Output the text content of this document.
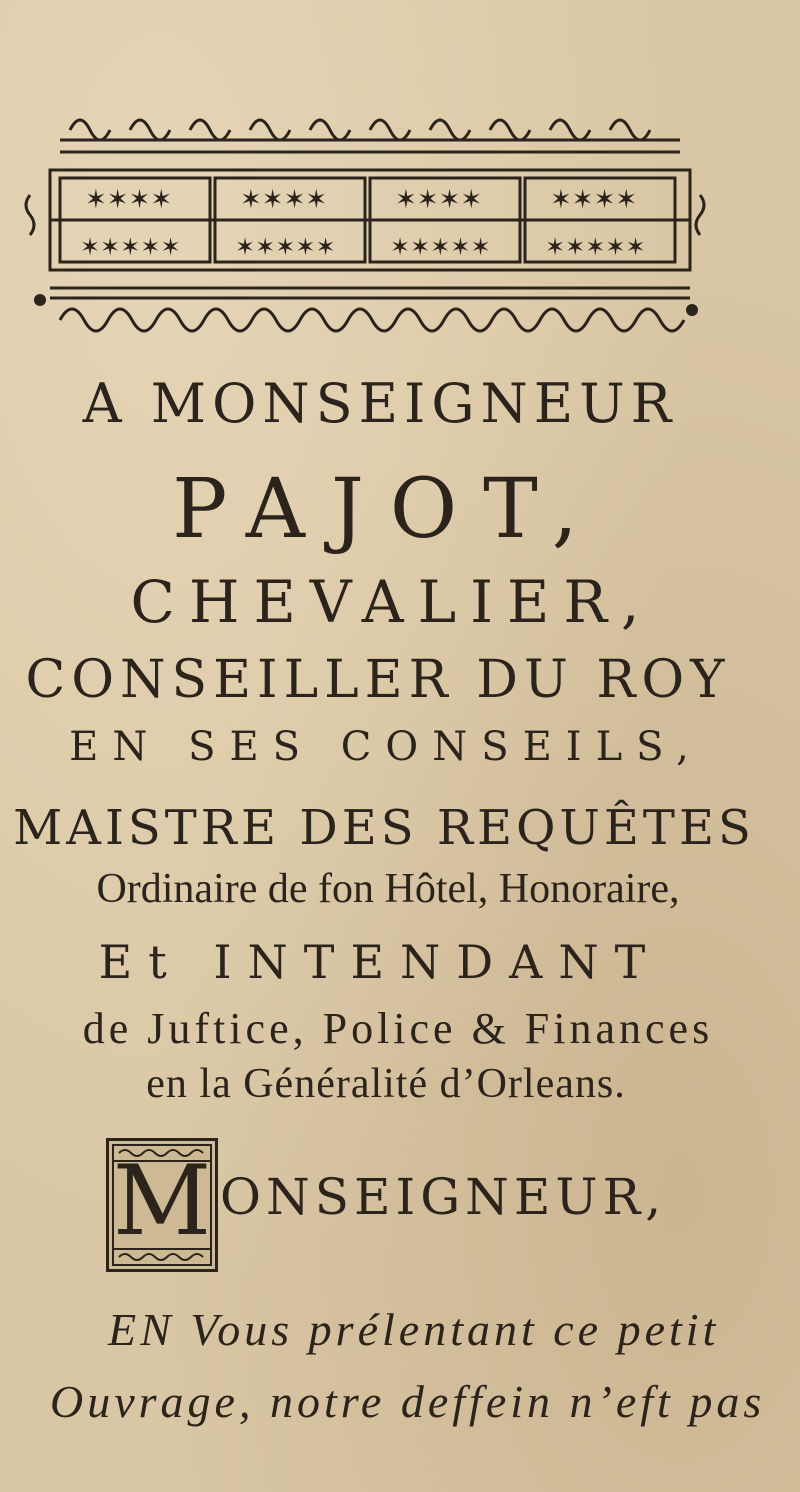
✶✶✶✶	✶✶✶✶	✶✶✶✶	✶✶✶✶
✶✶✶✶✶ ✶✶✶✶✶ ✶✶✶✶✶ ✶✶✶✶✶
A MONSEIGNEUR
PAJOT,
CHEVALIER,
CONSEILLER DU ROY
EN SES CONSEILS,
MAISTRE DES REQUÊTES
Ordinaire de fon Hôtel, Honoraire,
Et INTENDANT
de Juftice, Police & Finances
en la Généralité d’Orleans.
M ONSEIGNEUR,
EN Vous prélentant ce petit
Ouvrage, notre deffein n’eft pas
